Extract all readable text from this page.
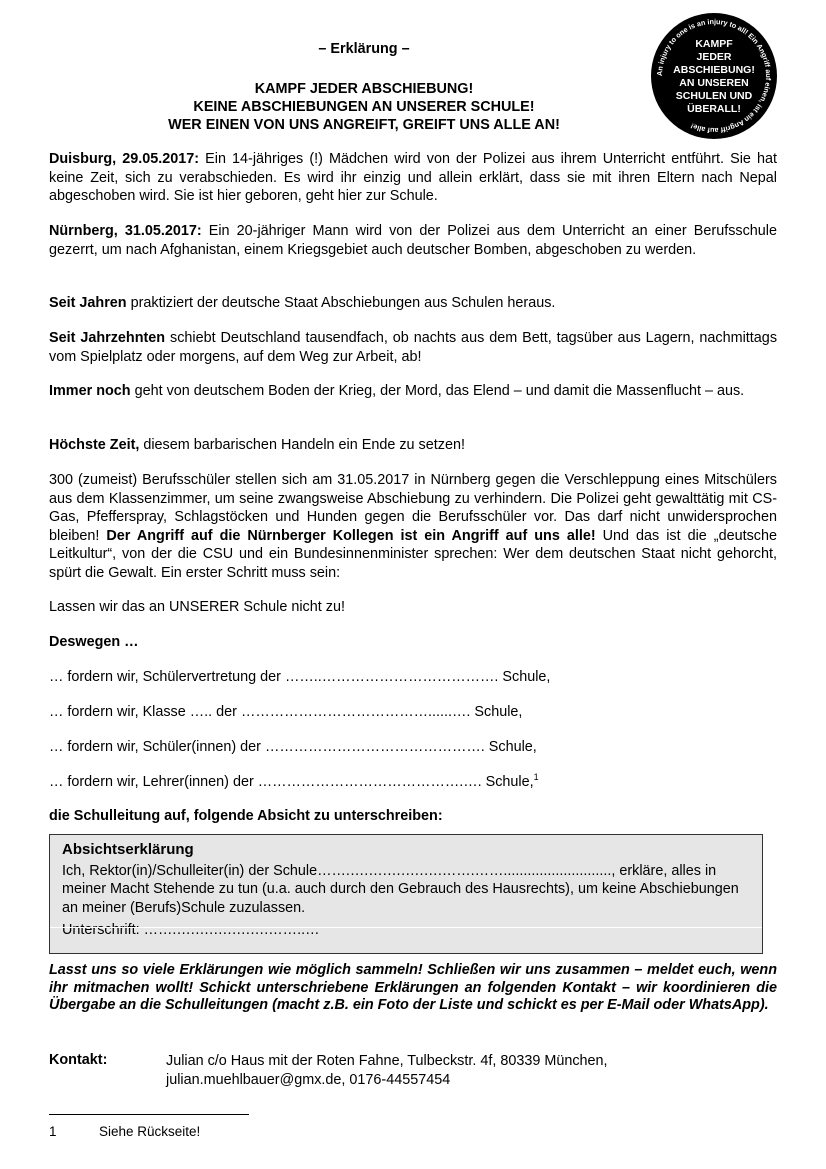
– Erklärung –
KAMPF JEDER ABSCHIEBUNG!
KEINE ABSCHIEBUNGEN AN UNSERER SCHULE!
WER EINEN VON UNS ANGREIFT, GREIFT UNS ALLE AN!
An injury to one is an injury to all! Ein Angriff auf einen, ist ein Angriff auf alle!
KAMPF
JEDER
ABSCHIEBUNG!
AN UNSEREN
SCHULEN UND
ÜBERALL!
Duisburg, 29.05.2017: Ein 14-jähriges (!) Mädchen wird von der Polizei aus ihrem Unterricht entführt. Sie hat keine Zeit, sich zu verabschieden. Es wird ihr einzig und allein erklärt, dass sie mit ihren Eltern nach Nepal abgeschoben wird. Sie ist hier geboren, geht hier zur Schule.
Nürnberg, 31.05.2017: Ein 20-jähriger Mann wird von der Polizei aus dem Unterricht an einer Berufsschule gezerrt, um nach Afghanistan, einem Kriegsgebiet auch deutscher Bomben, abgeschoben zu werden.
Seit Jahren praktiziert der deutsche Staat Abschiebungen aus Schulen heraus.
Seit Jahrzehnten schiebt Deutschland tausendfach, ob nachts aus dem Bett, tagsüber aus Lagern, nachmittags vom Spielplatz oder morgens, auf dem Weg zur Arbeit, ab!
Immer noch geht von deutschem Boden der Krieg, der Mord, das Elend – und damit die Massenflucht – aus.
Höchste Zeit, diesem barbarischen Handeln ein Ende zu setzen!
300 (zumeist) Berufsschüler stellen sich am 31.05.2017 in Nürnberg gegen die Verschleppung eines Mitschülers aus dem Klassenzimmer, um seine zwangsweise Abschiebung zu verhindern. Die Polizei geht gewalttätig mit CS-Gas, Pfefferspray, Schlagstöcken und Hunden gegen die Berufsschüler vor. Das darf nicht unwidersprochen bleiben! Der Angriff auf die Nürnberger Kollegen ist ein Angriff auf uns alle! Und das ist die „deutsche Leitkultur“, von der die CSU und ein Bundesinnenminister sprechen: Wer dem deutschen Staat nicht gehorcht, spürt die Gewalt. Ein erster Schritt muss sein:
Lassen wir das an UNSERER Schule nicht zu!
Deswegen …
… fordern wir, Schülervertretung der ……..………………………………. Schule,
… fordern wir, Klasse ….. der …………………………………......…. Schule,
… fordern wir, Schüler(innen) der ………………………………………. Schule,
… fordern wir, Lehrer(innen) der …………………………………….…. Schule,$^1$
die Schulleitung auf, folgende Absicht zu unterschreiben:
Absichtserklärung
Ich, Rektor(in)/Schulleiter(in) der Schule…….….….….….….…….……..........................., erkläre, alles in meiner Macht Stehende zu tun (u.a. auch durch den Gebrauch des Hausrechts), um keine Abschiebungen an meiner (Berufs)Schule zuzulassen.
Unterschrift: …….….….….….….……..…
Lasst uns so viele Erklärungen wie möglich sammeln! Schließen wir uns zusammen – meldet euch, wenn ihr mitmachen wollt! Schickt unterschriebene Erklärungen an folgenden Kontakt – wir koordinieren die Übergabe an die Schulleitungen (macht z.B. ein Foto der Liste und schickt es per E-Mail oder WhatsApp).
Kontakt:	Julian c/o Haus mit der Roten Fahne, Tulbeckstr. 4f, 80339 München,
julian.muehlbauer@gmx.de, 0176-44557454
1	Siehe Rückseite!
